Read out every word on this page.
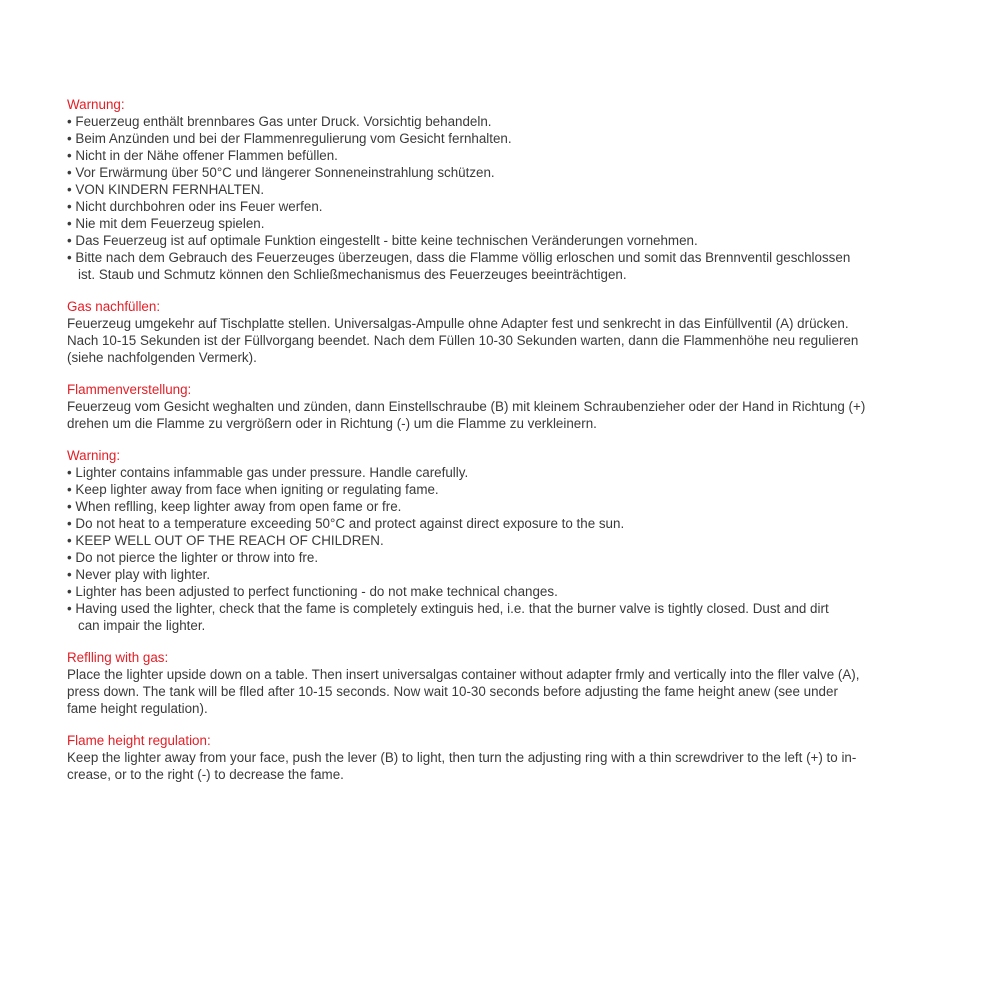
Warnung:
• Feuerzeug enthält brennbares Gas unter Druck. Vorsichtig behandeln.
• Beim Anzünden und bei der Flammenregulierung vom Gesicht fernhalten.
• Nicht in der Nähe offener Flammen befüllen.
• Vor Erwärmung über 50°C und längerer Sonneneinstrahlung schützen.
• VON KINDERN FERNHALTEN.
• Nicht durchbohren oder ins Feuer werfen.
• Nie mit dem Feuerzeug spielen.
• Das Feuerzeug ist auf optimale Funktion eingestellt - bitte keine technischen Veränderungen vornehmen.
• Bitte nach dem Gebrauch des Feuerzeuges überzeugen, dass die Flamme völlig erloschen und somit das Brennventil geschlossen
ist. Staub und Schmutz können den Schließmechanismus des Feuerzeuges beeinträchtigen.
Gas nachfüllen:
Feuerzeug umgekehr auf Tischplatte stellen. Universalgas-Ampulle ohne Adapter fest und senkrecht in das Einfüllventil (A) drücken.
Nach 10-15 Sekunden ist der Füllvorgang beendet. Nach dem Füllen 10-30 Sekunden warten, dann die Flammenhöhe neu regulieren
(siehe nachfolgenden Vermerk).
Flammenverstellung:
Feuerzeug vom Gesicht weghalten und zünden, dann Einstellschraube (B) mit kleinem Schraubenzieher oder der Hand in Richtung (+)
drehen um die Flamme zu vergrößern oder in Richtung (-) um die Flamme zu verkleinern.
Warning:
• Lighter contains infammable gas under pressure. Handle carefully.
• Keep lighter away from face when igniting or regulating fame.
• When reflling, keep lighter away from open fame or fre.
• Do not heat to a temperature exceeding 50°C and protect against direct exposure to the sun.
• KEEP WELL OUT OF THE REACH OF CHILDREN.
• Do not pierce the lighter or throw into fre.
• Never play with lighter.
• Lighter has been adjusted to perfect functioning - do not make technical changes.
• Having used the lighter, check that the fame is completely extinguis hed, i.e. that the burner valve is tightly closed. Dust and dirt
can impair the lighter.
Reflling with gas:
Place the lighter upside down on a table. Then insert universalgas container without adapter frmly and vertically into the fller valve (A),
press down. The tank will be flled after 10-15 seconds. Now wait 10-30 seconds before adjusting the fame height anew (see under
fame height regulation).
Flame height regulation:
Keep the lighter away from your face, push the lever (B) to light, then turn the adjusting ring with a thin screwdriver to the left (+) to in-
crease, or to the right (-) to decrease the fame.
